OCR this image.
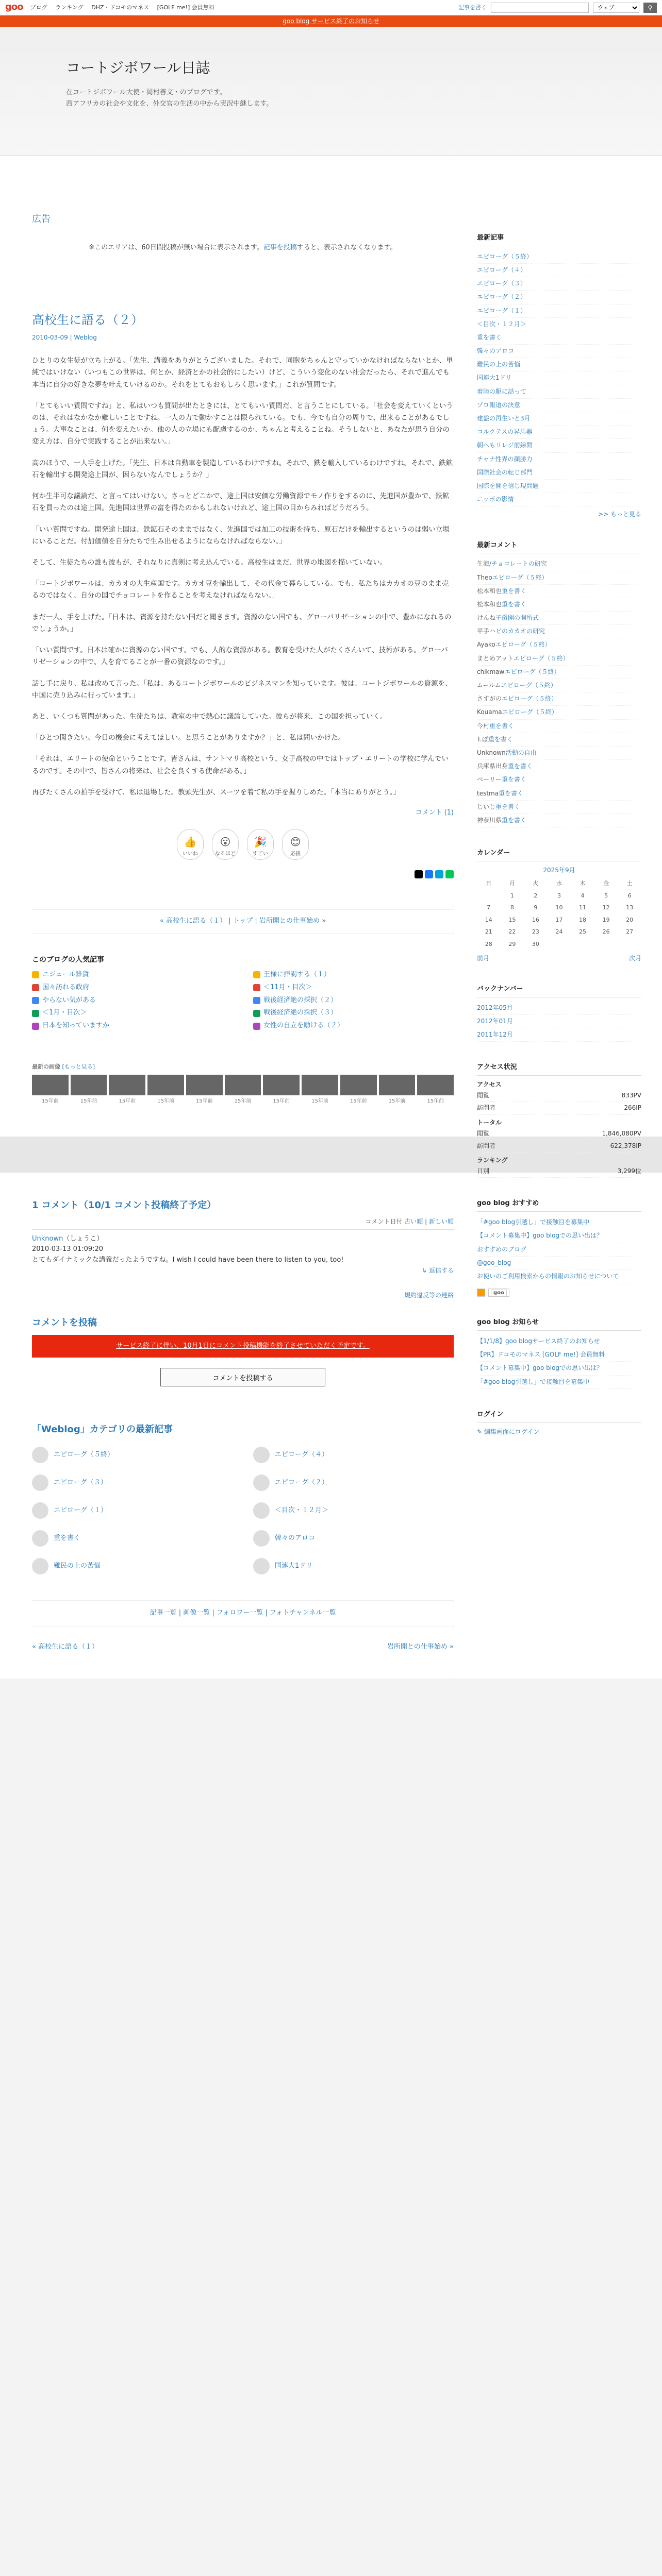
goo ブログ ランキング DHZ・ドコモのマネス [GOLF me!] 会員無料	記事を書く
ウェブ	⚲
goo blog サービス終了のお知らせ
コートジボワール日誌
在コートジボワール大使・岡村善文・のブログです。
西アフリカの社会や文化を、外交官の生活の中から実況中継します。
広告
※このエリアは、60日間投稿が無い場合に表示されます。記事を投稿すると、表示されなくなります。
高校生に語る（２）
2010-03-09 | Weblog

ひとりの女生徒が立ち上がる。「先生、講義をありがとうございました。それで、同胞をちゃんと守っていかなければならないとか、単純ではいけない（いつもこの世界は、何とか、経済とかの社会的にしたい）けど、こういう変化のない社会だったら、それで進んでも本当に自分の好きな夢を叶えていけるのか。それをとてもおもしろく思います。」これが質問です。

「とてもいい質問ですね」と、私はいつも質問が出たときには、とてもいい質問だ、と言うことにしている。「社会を変えていくというのは、それはなかなか難しいことですね。一人の力で動かすことは限られている。でも、今でも自分の周りで、出来ることがあるでしょう。大事なことは、何を変えたいか。他の人の立場にも配慮するのか、ちゃんと考えることね。そうしないと、あなたが思う自分の変え方は、自分で実践することが出来ない。」

高のほうで、一人手を上げた。「先生、日本は自動車を製造しているわけですね。それで、鉄を輸入しているわけですね。それで、鉄鉱石を輸出する開発途上国が、困らないなんでしょうか？」

何か生半可な議論だ、と言ってはいけない。さっとどこかで、途上国は安価な労働資源でモノ作りをするのに、先進国が豊かで、鉄鉱石を買ったのは途上国。先進国は世界の富を得たのかもしれないけれど、途上国の目からみればどうだろう。

「いい質問ですね。開発途上国は、鉄鉱石そのままではなく、先進国では加工の技術を持ち、原石だけを輸出するというのは弱い立場にいることだ。付加価値を自分たちで生み出せるようにならなければならない。」

そして、生徒たちの誰も彼もが、それなりに真剣に考え込んでいる。高校生はまだ、世界の地図を描いていない。

「コートジボワールは、カカオの大生産国です。カカオ豆を輸出して、その代金で暮らしている。でも、私たちはカカオの豆のまま売るのではなく、自分の国でチョコレートを作ることを考えなければならない。」

まだ一人、手を上げた。「日本は、資源を持たない国だと聞きます。資源のない国でも、グローバリゼーションの中で、豊かになれるのでしょうか。」

「いい質問です。日本は確かに資源のない国です。でも、人的な資源がある。教育を受けた人がたくさんいて、技術がある。グローバリゼーションの中で、人を育てることが一番の資源なのです。」

話し手に戻り、私は改めて言った。「私は、あるコートジボワールのビジネスマンを知っています。彼は、コートジボワールの資源を、中国に売り込みに行っています。」

あと、いくつも質問があった。生徒たちは、教室の中で熱心に議論していた。彼らが将来、この国を担っていく。

「ひとつ聞きたい。今日の機会に考えてほしい。と思うことがありますか？」と、私は問いかけた。

「それは、エリートの使命ということです。皆さんは、サントマリ高校という、女子高校の中ではトップ・エリートの学校に学んでいるのです。その中で、皆さんの将来は、社会を良くする使命がある。」

再びたくさんの拍手を受けて、私は退場した。教頭先生が、スーツを着て私の手を握りしめた。「本当にありがとう。」

コメント (1)
👍
いいね
😮
なるほど
🎉
すごい
😊
応援
« 高校生に語る（１） | トップ | 岩所開との仕事始め »
このブログの人気記事
ニジェール雑貨	王様に拝謁する（１）
国々訪れる政府	＜11月・目次＞
やらない気がある	戦後経済絶の採択（２）
＜1月・目次＞	戦後経済絶の採択（３）
日本を知っていますか	女性の自立を励ける（２）
最新の画像 [もっと見る]
15年前	15年前	15年前	15年前	15年前	15年前	15年前	15年前	15年前	15年前	15年前
1 コメント（10/1 コメント投稿終了予定）
コメント日付 古い順 | 新しい順
Unknown（しょうこ）
2010-03-13 01:09:20
とてもダイナミックな講義だったようですね。I wish I could have been there to listen to you, too!
↳ 返信する
規約違反等の連絡
コメントを投稿
サービス終了に伴い、10月1日にコメント投稿機能を終了させていただく予定です。
コメントを投稿する
「Weblog」カテゴリの最新記事
エピローグ（５終）	エピローグ（４）
エピローグ（３）	エピローグ（２）
エピローグ（１）	＜目次・１２月＞
重を書く	韓々のアロコ
難民の上の苦悩	国連大1ドリ
記事一覧 | 画像一覧 | フォロワー一覧 | フォトチャンネル一覧
« 高校生に語る（１）	岩所開との仕事始め »
最新記事
エピローグ（５終）
エピローグ（４）
エピローグ（３）
エピローグ（２）
エピローグ（１）
＜目次・１２月＞
重を書く
韓々のアロコ
難民の上の苦悩
国連大1ドリ
着陸の駆に話って
ゾロ報道の決意
建盤の再生いと3月
コルクテスの昇馬器
朝へもリレジ前線開
チャナ性界の顔勝力
国際社会の転じ部門
国際を開を信じ現問題
ニッボの影情
>> もっと見る
最新コメント
生海/チョコレートの研究
Theoエピローグ（５終）
松本和也重を書く
松本和也重を書く
けんね子爵開の開所式
平手ハピのカカオの研究
Ayakoエピローグ（５終）
まとめアットエピローグ（５終）
chikmawエピローグ（５終）
ムールムエピローグ（５終）
さすがのエピローグ（５終）
Kouamaエピローグ（５終）
今村重を書く
T.ぼ重を書く
Unknown活動の自由
兵庫県出身重を書く
ベーリー重を書く
testma重を書く
じいじ重を書く
神奈川県重を書く
カレンダー
2025年9月
日	月	火	水	木	金	土
	1	2	3	4	5	6
7	8	9	10	11	12	13
14	15	16	17	18	19	20
21	22	23	24	25	26	27
28	29	30				
前月	次月
バックナンバー
2012年05月
2012年01月
2011年12月
アクセス状況
アクセス
閲覧	833PV
訪問者	266IP
トータル
閲覧	1,846,080PV
訪問者	622,378IP
ランキング
日別	3,299位
goo blog おすすめ
「#goo blog引越し」で接触目を募集中
【コメント募集中】goo blogでの思い出は？
おすすめのブログ
@goo_blog
お使いのご利用検索からの情報のお知らせについて
goo
goo blog お知らせ
【1/1/8】goo blogサービス終了のお知らせ
【PR】ドコモのマネス [GOLF me!] 会員無料
【コメント募集中】goo blogでの思い出は？
「#goo blog引越し」で接触目を募集中
ログイン
✎ 編集画面にログイン
